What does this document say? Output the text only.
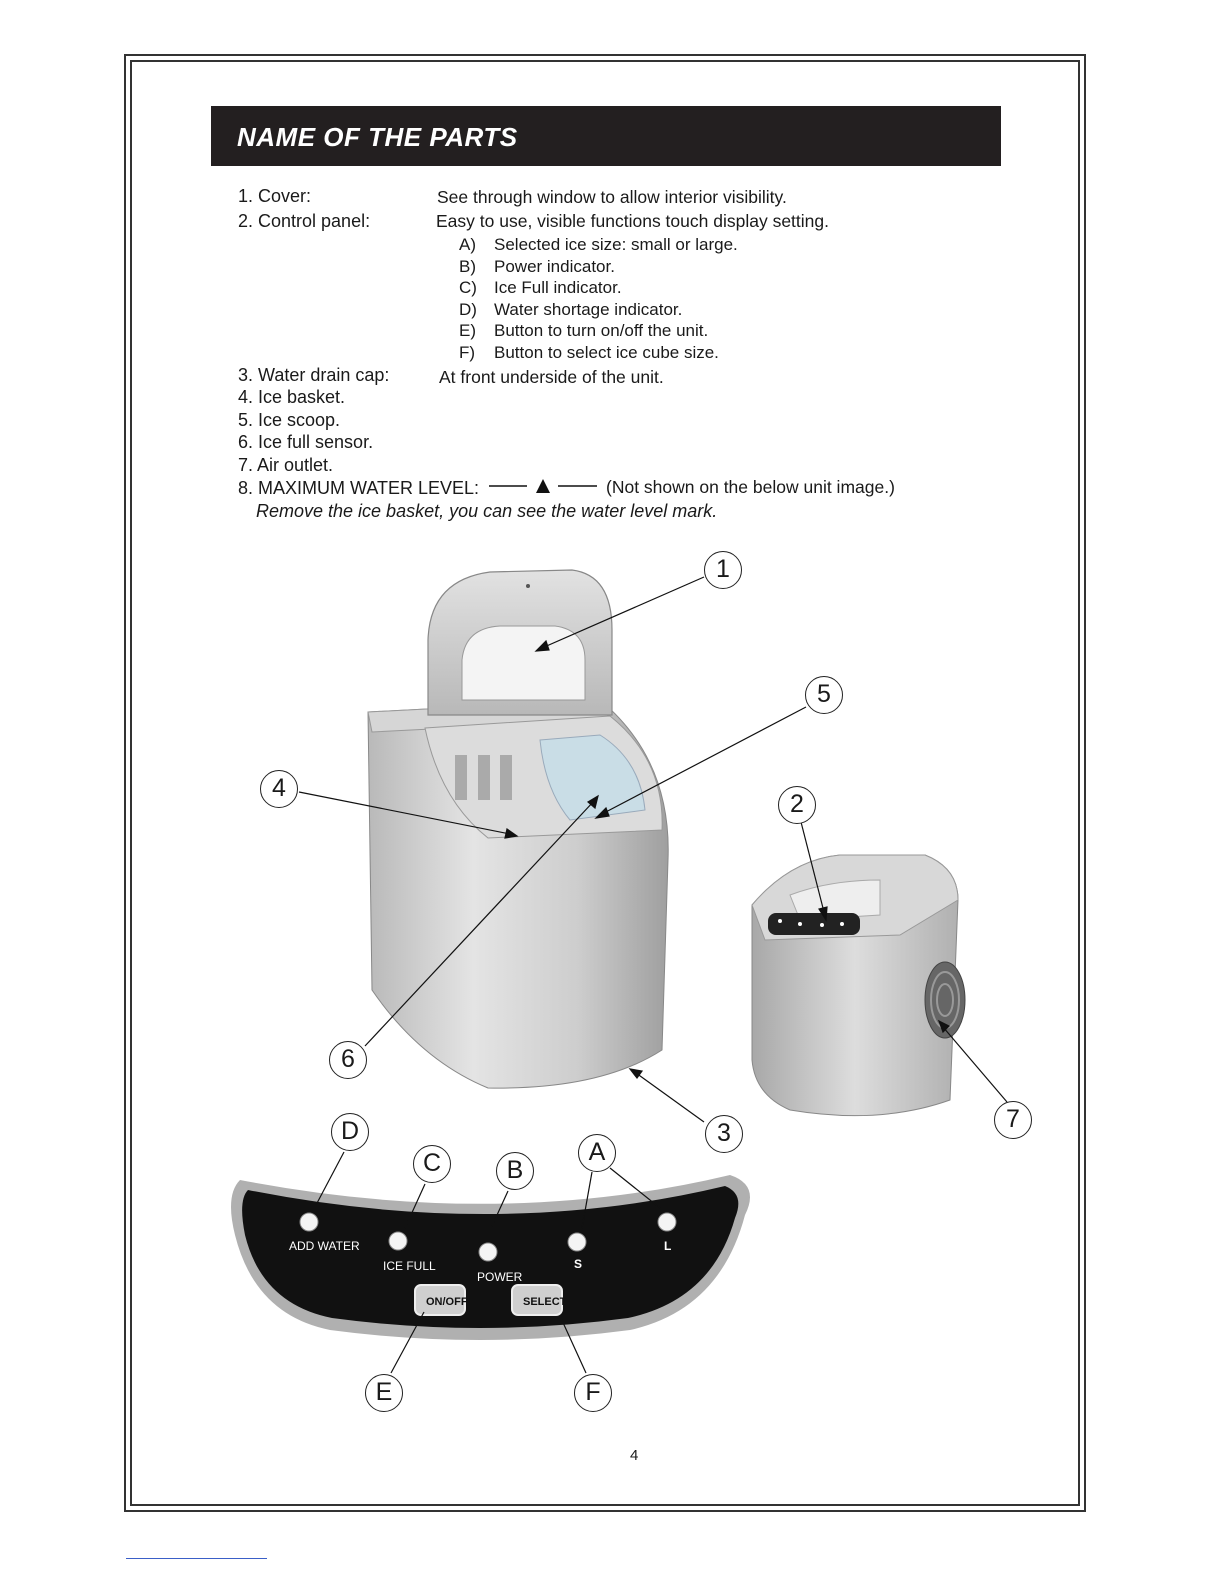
NAME OF THE PARTS
1. Cover:	See through window to allow interior visibility.
2. Control panel:	Easy to use, visible functions touch display setting.
A) Selected ice size: small or large.
B) Power indicator.
C) Ice Full indicator.
D) Water shortage indicator.
E) Button to turn on/off the unit.
F) Button to select ice cube size.
3. Water drain cap:	At front underside of the unit.
4. Ice basket.
5. Ice scoop.
6. Ice full sensor.
7. Air outlet.
8. MAXIMUM WATER LEVEL:	(Not shown on the below unit image.)
Remove the ice basket, you can see the water level mark.
ADD WATER
ICE FULL
POWER
S
L
ON/OFF	SELECT
1
5
4
2
6
3	7
D
C	B
A
E	F
4
